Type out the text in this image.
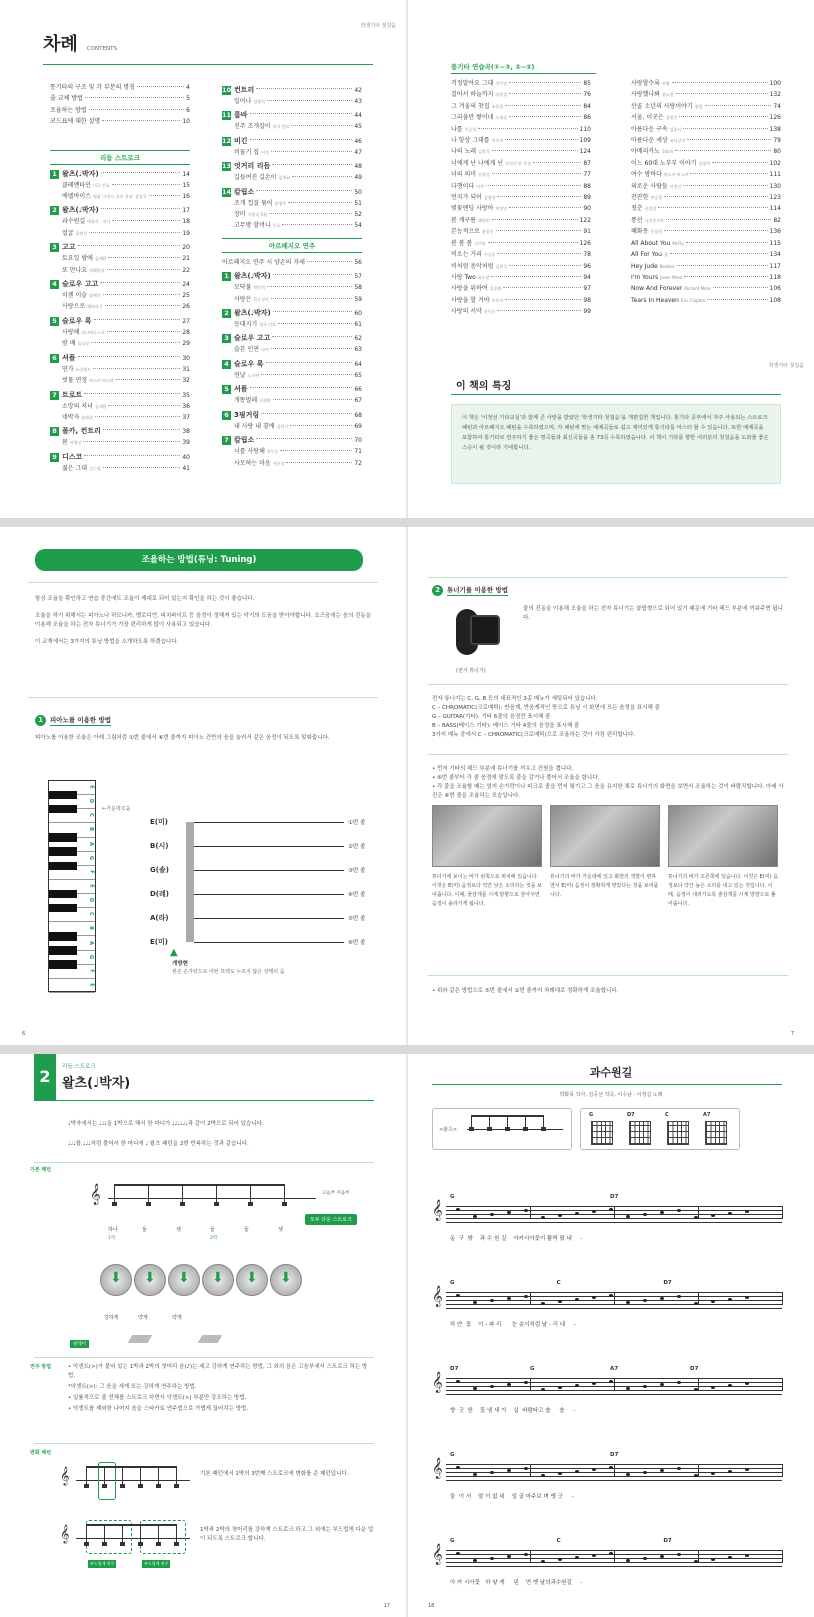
학생기타 첫걸음
차례 CONTENTS
통기타의 구조 및 각 부분의 명칭	4
줄 교체 방법	5
조율하는 방법	6
코드표에 대한 설명	10
리듬 스트로크
1 왈츠(♩박자)	14
클레멘타인 미국 민요	15
에델바이스 영화 '사운드 오브 뮤직' 삽입곡	16
2 왈츠(♩박자)	17
과수원길 박화목 · 작사	18
얼굴 윤연선	19
3 고고	20
토요일 밤에 김세환	21
또 만나요 딕훼밀리	22
4 슬로우 고고	24
이젠 이슬 장혜진	25
사랑으로 해바라기	26
5 슬로우 록	27
사랑해 라나에로스포	28
밤 배 둘다섯	29
6 셔플	30
연가 뉴질랜드	31
빗물 연정 버스커 버스커	32
7 트로트	35
소망의 처녀 김세환	36
네박자 송대관	37
8 폴카, 컨트리	38
봄 이영선	39
9 디스코	40
젊은 그대 김수철	41
10 컨트리	42
일어나 김광석	43
11 룸바	44
진주 조개잡이 미국 민요	45
12 비긴	46
비둘기 집 이석	47
13 엇거리 리듬	48
길들여진 길손이 김세화	49
14 칼립소	50
조개 껍질 묶어 윤형주	51
장미 사월과 5월	52
고무방 할머니 동요	54
아르페지오 연주
아르페지오 연주 시 양손의 자세	56
1 왈츠(♩박자)	57
모닥불 박인희	58
사랑은 목동성가	59
2 왈츠(♩박자)	60
등대지기 영국 민요	61
3 슬로우 고고	62
슬픈 인연 나미	63
4 슬로우 록	64
연날 노사연	65
5 셔플	66
개똥벌레 신형원	67
6 3핑거링	68
내 사랑 내 곁에 김현식	69
7 칼립소	70
너를 사랑해 한동준	71
사모하는 마음 서유석	72
통기타 연습곡(①~③, ②~②)
걱정말아요 그대 전인권	85
걸어서 하늘까지 장현철	76
그 겨울의 찻집 조용필	84
그리움만 쌓이네 노영심	86
나를 이승철	110
나 항상 그대를 이선희	109
나의 노래 김광석	124
너에게 난 나에게 넌 자전거 탄 풍경	87
너의 의미 산울림	77
다행이다 이적	88
먼지가 되어 김광석	89
벚꽃엔딩 사랑아 박상민	90
봄 캐구름 패하빈	122
본능적으로 윤종신	91
봄 봄 봄 로이킴	126
비오는 거리 이승훈	78
비처럼 음악처럼 김현식	96
사랑 Two 윤도현	94
사랑을 위하여 김종환	97
사랑을 할 거야 투투지	98
사랑의 서약 한동준	99
사랑할수록 부활	100
사랑했나봐 윤도현	132
산골 소년의 사랑이야기 별밤	74
서울, 이곳은 장철웅	126
아름다운 구속 김종서	138
아름다운 세상 유리상자	79
아메리카노 10cm	80
어느 60대 노부부 이야기 김광석	102
여수 밤바다 버스커 버스커	111
외로운 사람들 이정선	130
잔잔한 변승철	123
청춘 산울림	114
풍선 다섯손가락	82
혜화동 동물원	136
All About You McFly	115
All For You 쿨	134
Hey Jude Beatles	117
I'm Yours Jason Mraz	118
Now And Forever Richard Marx	106
Tears In Heaven Eric Clapton	108
학생기타 첫걸음
이 책의 특징
이 책은 '이정선 기타교실'과 함께 큰 사랑을 받았던 '학생기타 첫걸음'을 개편집한 책입니다. 통기타 공부에서 자주 사용되는 스트로크 패턴과 아르페지오 패턴을 수록하였으며, 각 패턴에 맞는 예제곡들로 쉽고 재미있게 통기타를 마스터 할 수 있습니다. 또한 예제곡을 포함하여 통기타로 연주하기 좋은 명곡들과 최신곡들을 총 73곡 수록하였습니다. 이 책이 기타를 향한 여러분의 첫걸음을 도와줄 좋은 스승이 될 것이라 기대합니다.
조율하는 방법(튜닝: Tuning)
항상 조율을 확인하고 연습 중간에도 조율이 제대로 되어 있는지 확인을 하는 것이 좋습니다.
조율을 하기 위해서는 피아노나 하모니카, 멜로디언, 피치파이프 등 음정이 정해져 있는 악기의 도움을 받아야합니다. 요즈음에는 음의 진동을 이용해 조율을 하는 전자 튜너기가 가장 편리하게 많이 사용되고 있습니다.
이 교재에서는 3가지의 튜닝 방법을 소개하도록 하겠습니다.
1	피아노를 이용한 방법
피아노를 이용한 조율은 아래 그림처럼 ①번 줄에서 ⑥번 줄까지 피아노 건반의 음을 눌러서 같은 음정이 되도록 맞춰줍니다.
E
D
C
B
A
G
F
E
D
C
B
A
G
F
E
←가운데 C음
E(미)	①번 줄
B(시)	②번 줄
G(솔)	③번 줄
D(레)	④번 줄
A(라)	⑤번 줄
E(미)	⑥번 줄
▲
개방현
왼손 손가락으로 어떤 프렛도 누르지 않은 상태의 음
6
2	튜너기를 이용한 방법
(전자 튜너기)
줄의 진동을 이용해 조율을 하는 전자 튜너기는 클립형으로 되어 있기 때문에 기타 헤드 부분에 끼워주면 됩니다.
전자 튜너기는 C, G, B 등의 대표적인 3종 메뉴가 세팅되어 있습니다.
C – CHROMATIC(크로매틱): 반음계, 반음계적인 뜻으로 튜닝 시 화면에 모든 음정을 표시해 줌
G – GUITAR(기타): 기타 6줄의 음정만 표시해 줌
B – BASS(베이스 기타): 베이스 기타 4줄의 음정을 표시해 줌
3가지 메뉴 중에서 C – CHROMATIC(크로매틱)으로 조율하는 것이 가장 편리합니다.
• 먼저 기타의 헤드 부분에 튜너기를 끼우고 전원을 켭니다.
• ⑥번 줄부터 각 줄 음정에 맞도록 줄을 감거나 풀어서 조율을 합니다.
• 각 줄을 조율할 때는 엄지 손가락이나 피크로 줄을 먼저 튕기고 그 음을 유지한 채로 튜너기의 화면을 보면서 조율하는 것이 바람직합니다. 아래 사진은 ⑥번 줄을 조율하는 모습입니다.
튜너기에 보이는 바가 왼쪽으로 위치해 있습니다. 이것은 E(미) 음정보다 약간 낮은 소리라는 것을 보여줍니다. 이때, 줄감개를 시계 방향으로 감아주면 음정이 올라가게 됩니다.
튜너기의 바가 가운데에 있고 화면의 색깔이 변하면서 E(미) 음정이 정확하게 맞았다는 것을 보여줍니다.
튜너기의 바가 오른쪽에 있습니다. 이것은 E(미) 음정보다 약간 높은 소리를 내고 있는 것입니다. 이때, 음정이 내려가도록 줄감개를 시계 방향으로 풀어줍니다.
• 위와 같은 방법으로 ⑤번 줄에서 ①번 줄까지 차례대로 정확하게 조율합니다.
7
2	리듬 스트로크
왈츠(♩박자)
♩박자에서는 ♩♩♩을 1박으로 해서 한 마디가 ♩♩♩♩♩♩과 같이 2박으로 되어 있습니다.
♩♩♩를 ♩♩♩처럼 풀어서 한 마디에 ♩ 왈츠 패턴을 2번 반복하는 것과 같습니다.
기본 패턴
𝄞	고음부 저음부
하나	둘	셋	둘	둘	셋
1박	2박
모두 다운 스트로크
⬇ ⬇ ⬇ ⬇ ⬇ ⬇
강하게	약게	약게
팔레이
연주 방법	• 악센트(>)가 붙어 있는 1박과 2박의 첫머리 음(♪)는 세고 강하게 연주하는 방법, 그 외의 음은 고음부에서 스트로크 하는 방법.
*악센트(>): 그 음을 세게 또는 강하게 연주하는 방법.
• 일률적으로 줄 전체를 스트로크 하면서 악센트(>) 부분만 강조하는 방법.
• 악센트를 제외한 나머지 음을 스타카토 연주법으로 가볍게 끊어치는 방법.
변화 패턴
𝄞	기본 패턴에서 1박의 3번째 스트로크에 변화를 준 패턴입니다.
𝄞
부드럽게 연주	부드럽게 연주
1박과 2박의 첫머리를 강하게 스트로크 하고 그 외에는 부드럽게 다운 업이 되도록 스트로크 합니다.
17
과수원길
박화목 작사, 김공선 작곡, 이수남 · 이정길 노래
<왈츠>
G	D7	C	A7
G	D7
𝄞
동  구  밖    과 수 원 길    아카시아꽃이 활짝 폈 네     -
G	C	D7
𝄞
하 얀  꽃    이 - 파 리      눈 송이처럼 날 - 리 네     -
D7	G	A7	D7
𝄞
향  긋  한    꽃 냄 새 가    실  바람타고 솔     솔     -
G	D7
𝄞
둘  이 서    말 이 없 네    얼 굴 마주보 며 쌩 긋     -
G	C	D7
𝄞
아 카 시아꽃   하 얗 게     핀    먼 옛 날의과수원길     -
18
